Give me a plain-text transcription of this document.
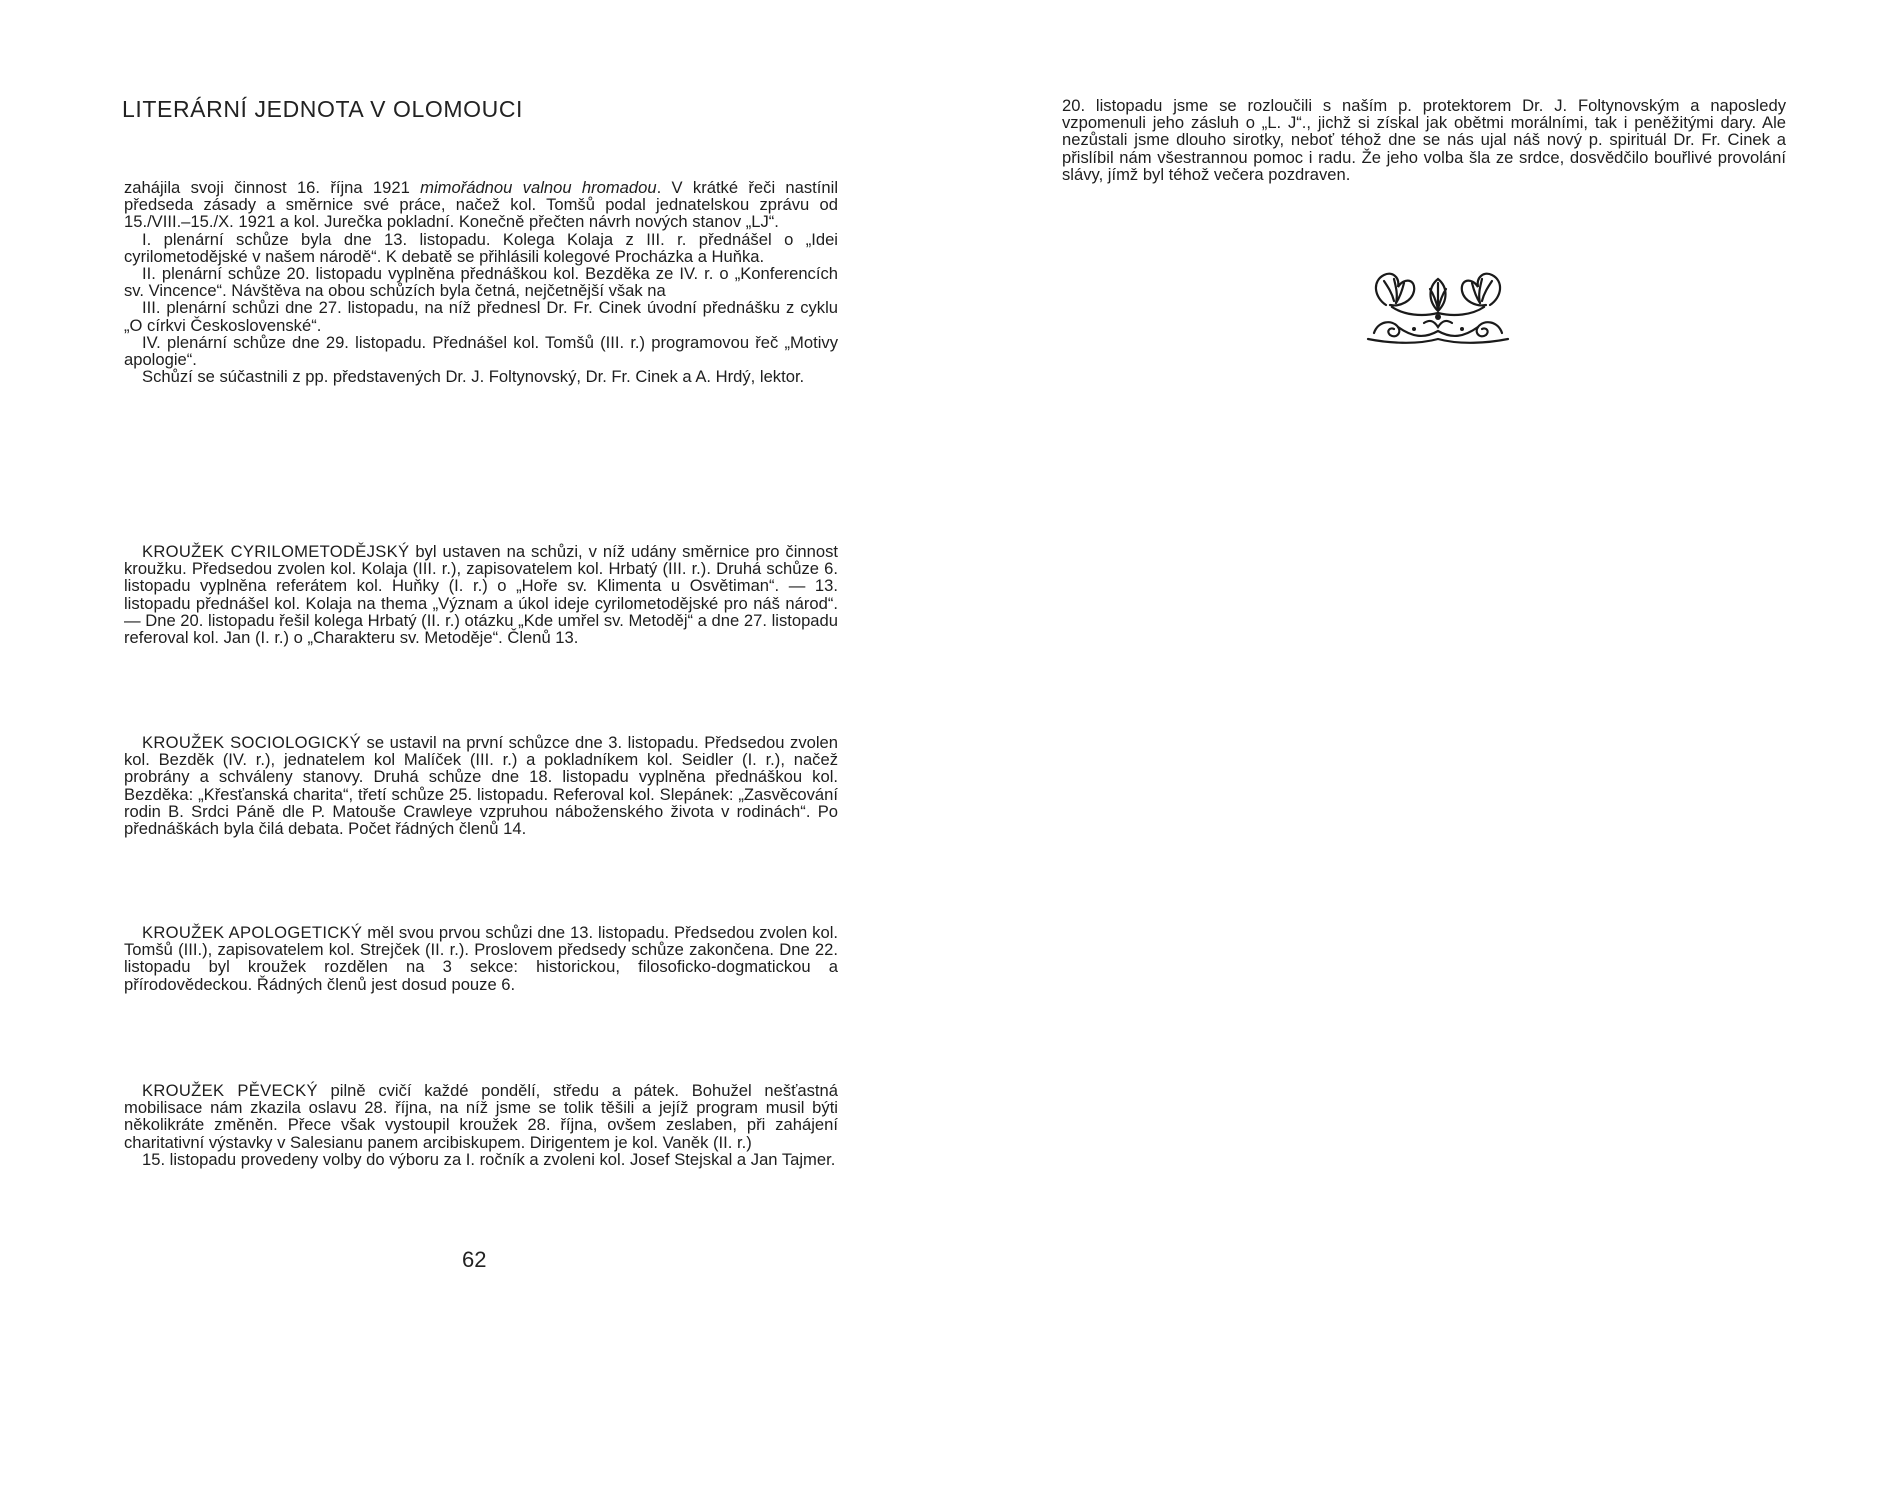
LITERÁRNÍ JEDNOTA V OLOMOUCI

zahájila svoji činnost 16. října 1921 mimořádnou valnou hromadou. V krátké řeči nastínil předseda zásady a směrnice své práce, načež kol. Tomšů podal jednatelskou zprávu od 15./VIII.–15./X. 1921 a kol. Jurečka pokladní. Konečně přečten návrh nových stanov „LJ“.

I. plenární schůze byla dne 13. listopadu. Kolega Kolaja z III. r. přednášel o „Idei cyrilometodějské v našem národě“. K debatě se přihlásili kolegové Procházka a Huňka.

II. plenární schůze 20. listopadu vyplněna přednáškou kol. Bezděka ze IV. r. o „Konferencích sv. Vincence“. Návštěva na obou schůzích byla četná, nejčetnější však na

III. plenární schůzi dne 27. listopadu, na níž přednesl Dr. Fr. Cinek úvodní přednášku z cyklu „O církvi Československé“.

IV. plenární schůze dne 29. listopadu. Přednášel kol. Tomšů (III. r.) programovou řeč „Motivy apologie“.

Schůzí se súčastnili z pp. představených Dr. J. Foltynovský, Dr. Fr. Cinek a A. Hrdý, lektor.

KROUŽEK CYRILOMETODĚJSKÝ byl ustaven na schůzi, v níž udány směrnice pro činnost kroužku. Předsedou zvolen kol. Kolaja (III. r.), zapisovatelem kol. Hrbatý (III. r.). Druhá schůze 6. listopadu vyplněna referátem kol. Huňky (I. r.) o „Hoře sv. Klimenta u Osvětiman“. — 13. listopadu přednášel kol. Kolaja na thema „Význam a úkol ideje cyrilometodějské pro náš národ“. — Dne 20. listopadu řešil kolega Hrbatý (II. r.) otázku „Kde umřel sv. Metoděj“ a dne 27. listopadu referoval kol. Jan (I. r.) o „Charakteru sv. Metoděje“. Členů 13.

KROUŽEK SOCIOLOGICKÝ se ustavil na první schůzce dne 3. listopadu. Předsedou zvolen kol. Bezděk (IV. r.), jednatelem kol Malíček (III. r.) a pokladníkem kol. Seidler (I. r.), načež probrány a schváleny stanovy. Druhá schůze dne 18. listopadu vyplněna přednáškou kol. Bezděka: „Křesťanská charita“, třetí schůze 25. listopadu. Referoval kol. Slepánek: „Zasvěcování rodin B. Srdci Páně dle P. Matouše Crawleye vzpruhou náboženského života v rodinách“. Po přednáškách byla čilá debata. Počet řádných členů 14.

KROUŽEK APOLOGETICKÝ měl svou prvou schůzi dne 13. listopadu. Předsedou zvolen kol. Tomšů (III.), zapisovatelem kol. Strejček (II. r.). Proslovem předsedy schůze zakončena. Dne 22. listopadu byl kroužek rozdělen na 3 sekce: historickou, filosoficko-dogmatickou a přírodovědeckou. Řádných členů jest dosud pouze 6.

KROUŽEK PĚVECKÝ pilně cvičí každé pondělí, středu a pátek. Bohužel nešťastná mobilisace nám zkazila oslavu 28. října, na níž jsme se tolik těšili a jejíž program musil býti několikráte změněn. Přece však vystoupil kroužek 28. října, ovšem zeslaben, při zahájení charitativní výstavky v Salesianu panem arcibiskupem. Dirigentem je kol. Vaněk (II. r.)

15. listopadu provedeny volby do výboru za I. ročník a zvoleni kol. Josef Stejskal a Jan Tajmer.

62

20. listopadu jsme se rozloučili s naším p. protektorem Dr. J. Foltynovským a naposledy vzpomenuli jeho zásluh o „L. J“., jichž si získal jak obětmi morálními, tak i peněžitými dary. Ale nezůstali jsme dlouho sirotky, neboť téhož dne se nás ujal náš nový p. spirituál Dr. Fr. Cinek a přislíbil nám všestrannou pomoc i radu. Že jeho volba šla ze srdce, dosvědčilo bouřlivé provolání slávy, jímž byl téhož večera pozdraven.
